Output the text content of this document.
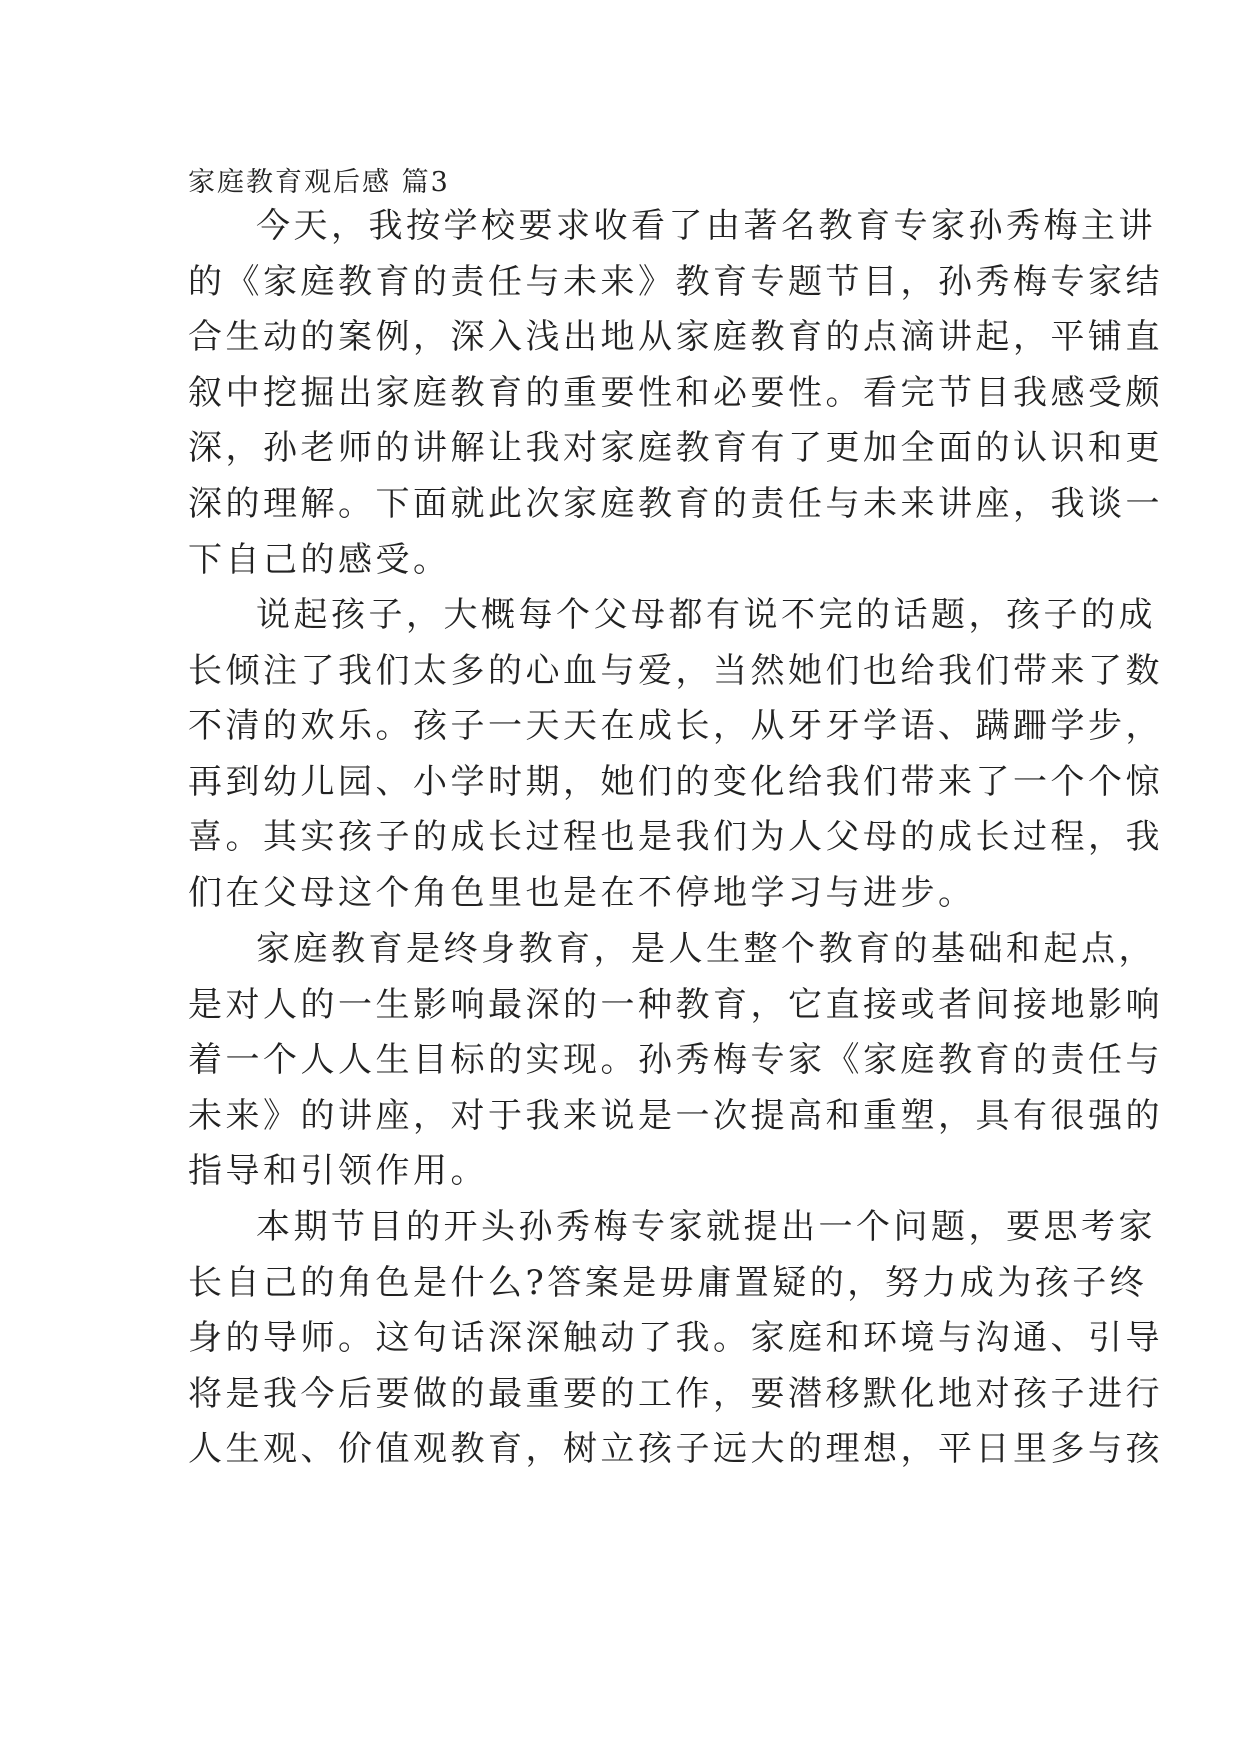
家庭教育观后感 篇3
今天，我按学校要求收看了由著名教育专家孙秀梅主讲
的《家庭教育的责任与未来》教育专题节目，孙秀梅专家结
合生动的案例，深入浅出地从家庭教育的点滴讲起，平铺直
叙中挖掘出家庭教育的重要性和必要性。看完节目我感受颇
深，孙老师的讲解让我对家庭教育有了更加全面的认识和更
深的理解。下面就此次家庭教育的责任与未来讲座，我谈一
下自己的感受。
说起孩子，大概每个父母都有说不完的话题，孩子的成
长倾注了我们太多的心血与爱，当然她们也给我们带来了数
不清的欢乐。孩子一天天在成长，从牙牙学语、蹒跚学步，
再到幼儿园、小学时期，她们的变化给我们带来了一个个惊
喜。其实孩子的成长过程也是我们为人父母的成长过程，我
们在父母这个角色里也是在不停地学习与进步。
家庭教育是终身教育，是人生整个教育的基础和起点，
是对人的一生影响最深的一种教育，它直接或者间接地影响
着一个人人生目标的实现。孙秀梅专家《家庭教育的责任与
未来》的讲座，对于我来说是一次提高和重塑，具有很强的
指导和引领作用。
本期节目的开头孙秀梅专家就提出一个问题，要思考家
长自己的角色是什么?答案是毋庸置疑的，努力成为孩子终
身的导师。这句话深深触动了我。家庭和环境与沟通、引导
将是我今后要做的最重要的工作，要潜移默化地对孩子进行
人生观、价值观教育，树立孩子远大的理想，平日里多与孩
